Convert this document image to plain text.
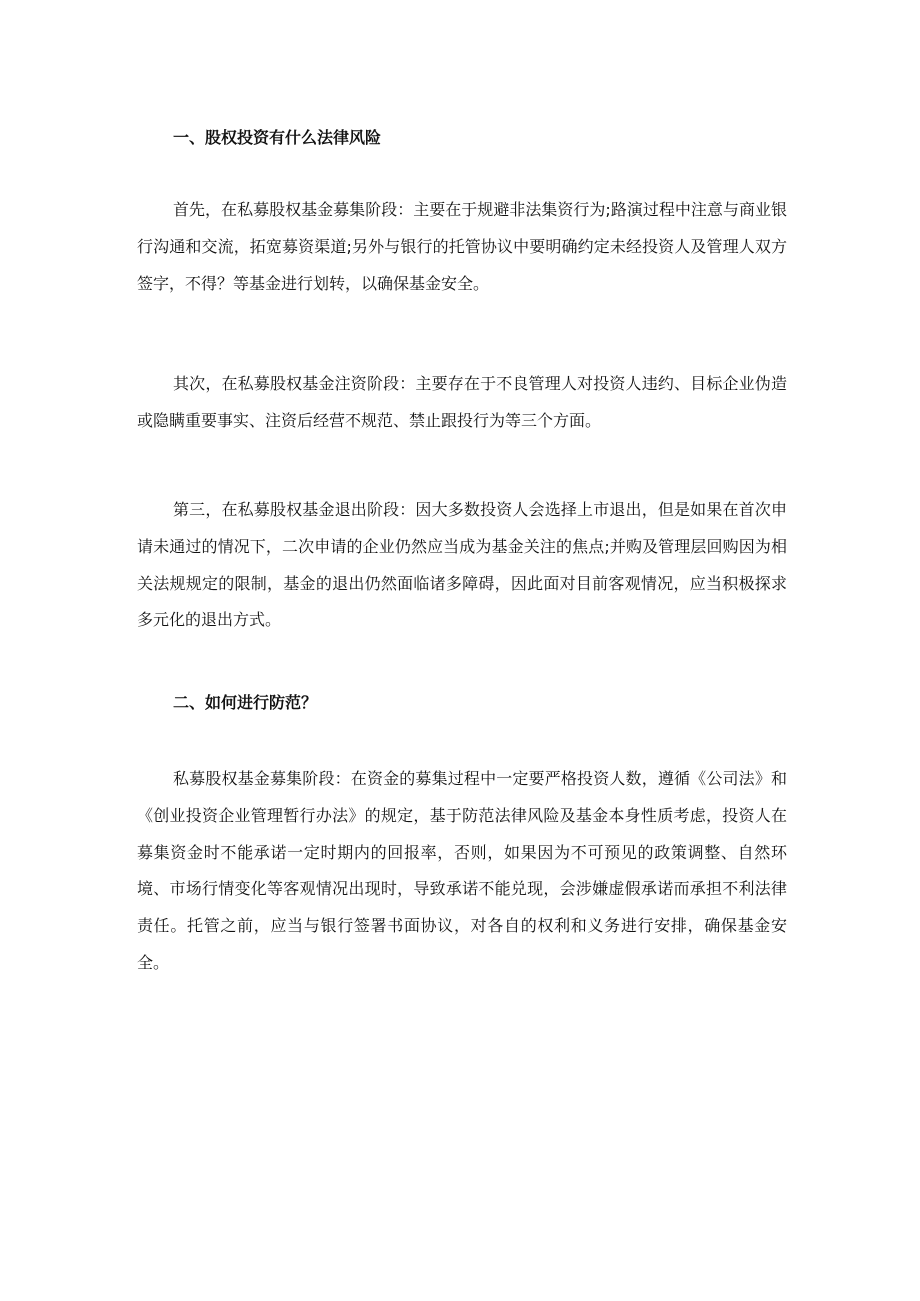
一、股权投资有什么法律风险

首先，在私募股权基金募集阶段：主要在于规避非法集资行为;路演过程中注意与商业银行沟通和交流，拓宽募资渠道;另外与银行的托管协议中要明确约定未经投资人及管理人双方签字，不得？等基金进行划转，以确保基金安全。

其次，在私募股权基金注资阶段：主要存在于不良管理人对投资人违约、目标企业伪造或隐瞒重要事实、注资后经营不规范、禁止跟投行为等三个方面。

第三，在私募股权基金退出阶段：因大多数投资人会选择上市退出，但是如果在首次申请未通过的情况下，二次申请的企业仍然应当成为基金关注的焦点;并购及管理层回购因为相关法规规定的限制，基金的退出仍然面临诸多障碍，因此面对目前客观情况，应当积极探求多元化的退出方式。

二、如何进行防范？

私募股权基金募集阶段：在资金的募集过程中一定要严格投资人数，遵循《公司法》和《创业投资企业管理暂行办法》的规定，基于防范法律风险及基金本身性质考虑，投资人在募集资金时不能承诺一定时期内的回报率，否则，如果因为不可预见的政策调整、自然环境、市场行情变化等客观情况出现时，导致承诺不能兑现，会涉嫌虚假承诺而承担不利法律责任。托管之前，应当与银行签署书面协议，对各自的权利和义务进行安排，确保基金安全。
